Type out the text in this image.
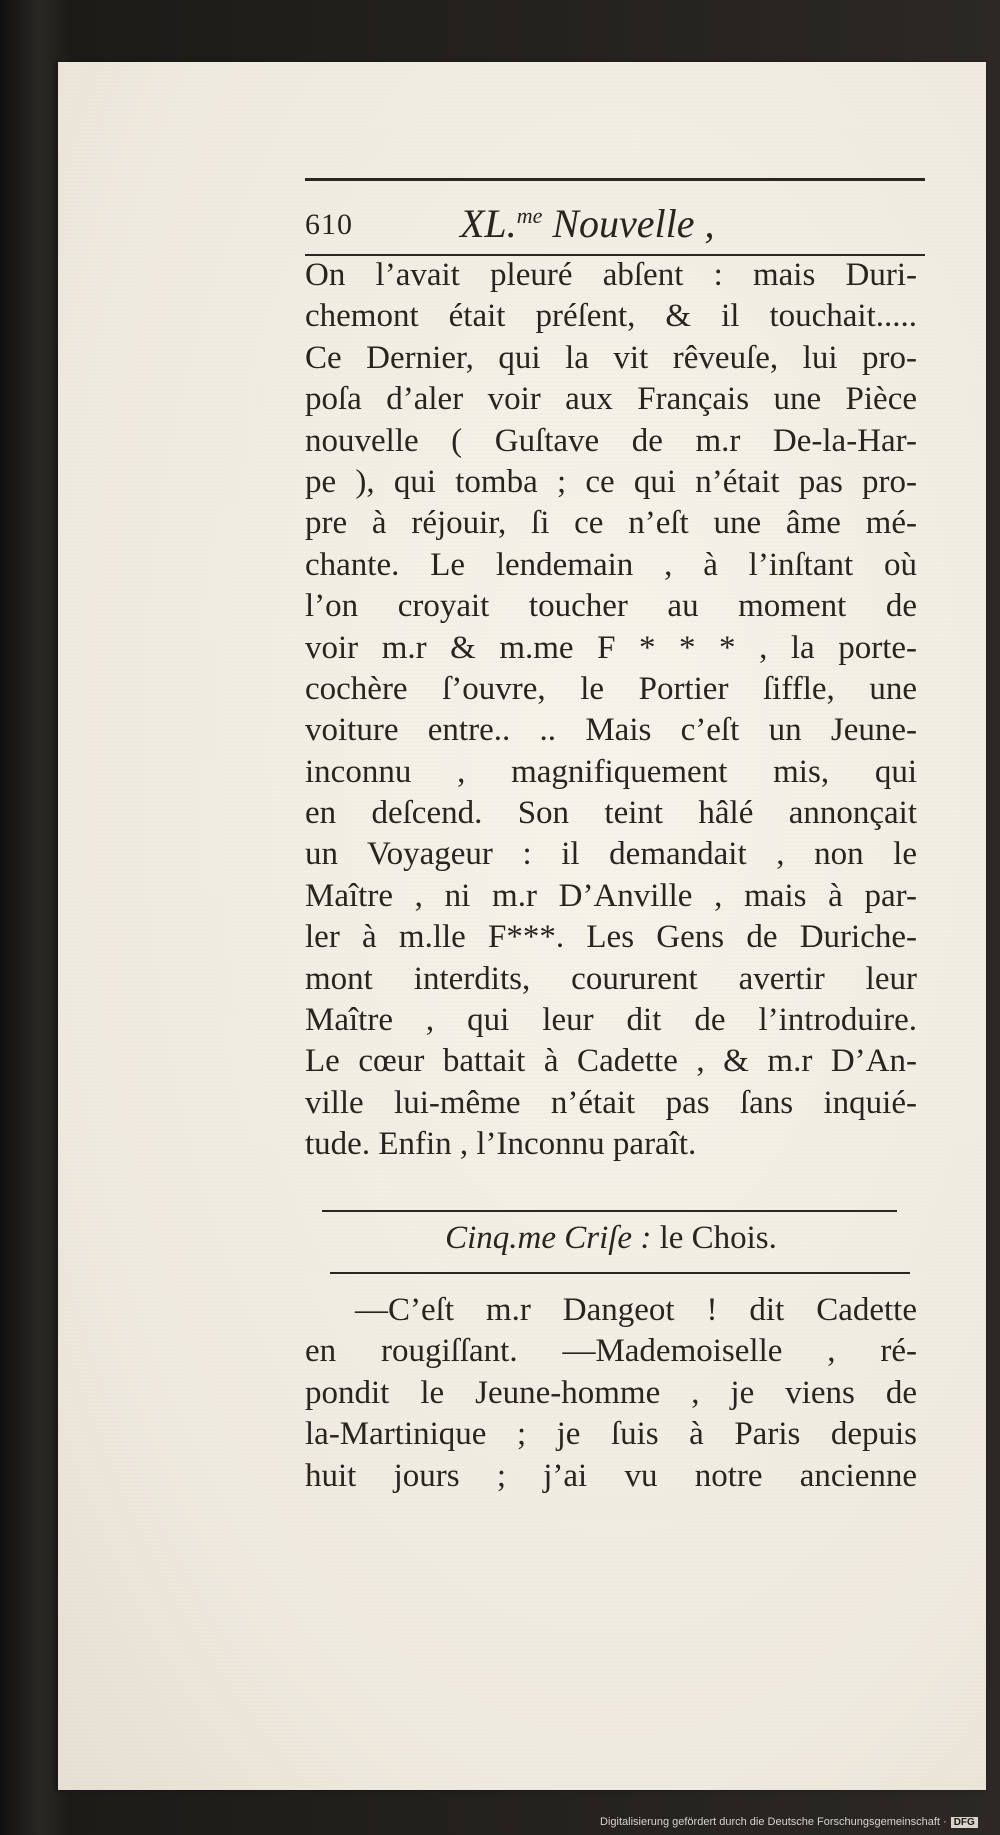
610	XL.$^{me}$ Nouvelle ,
On l’avait pleuré abſent : mais Duri-
chemont était préſent, & il touchait.....
Ce Dernier, qui la vit rêveuſe, lui pro-
poſa d’aler voir aux Français une Pièce
nouvelle ( Guſtave de m.r De-la-Har-
pe ), qui tomba ; ce qui n’était pas pro-
pre à réjouir, ſi ce n’eſt une âme mé-
chante. Le lendemain , à l’inſtant où
l’on croyait toucher au moment de
voir m.r & m.me F * * * , la porte-
cochère ſ’ouvre, le Portier ſiffle, une
voiture entre.. .. Mais c’eſt un Jeune-
inconnu , magnifiquement mis, qui
en deſcend. Son teint hâlé annonçait
un Voyageur : il demandait , non le
Maître , ni m.r D’Anville , mais à par-
ler à m.lle F***. Les Gens de Duriche-
mont interdits, coururent avertir leur
Maître , qui leur dit de l’introduire.
Le cœur battait à Cadette , & m.r D’An-
ville lui-même n’était pas ſans inquié-
tude. Enfin , l’Inconnu paraît.
Cinq.me Criſe : le Chois.
—C’eſt m.r Dangeot ! dit Cadette
en rougiſſant. —Mademoiselle , ré-
pondit le Jeune-homme , je viens de
la-Martinique ; je ſuis à Paris depuis
huit jours ; j’ai vu notre ancienne
Digitalisierung gefördert durch die Deutsche Forschungsgemeinschaft · DFG
